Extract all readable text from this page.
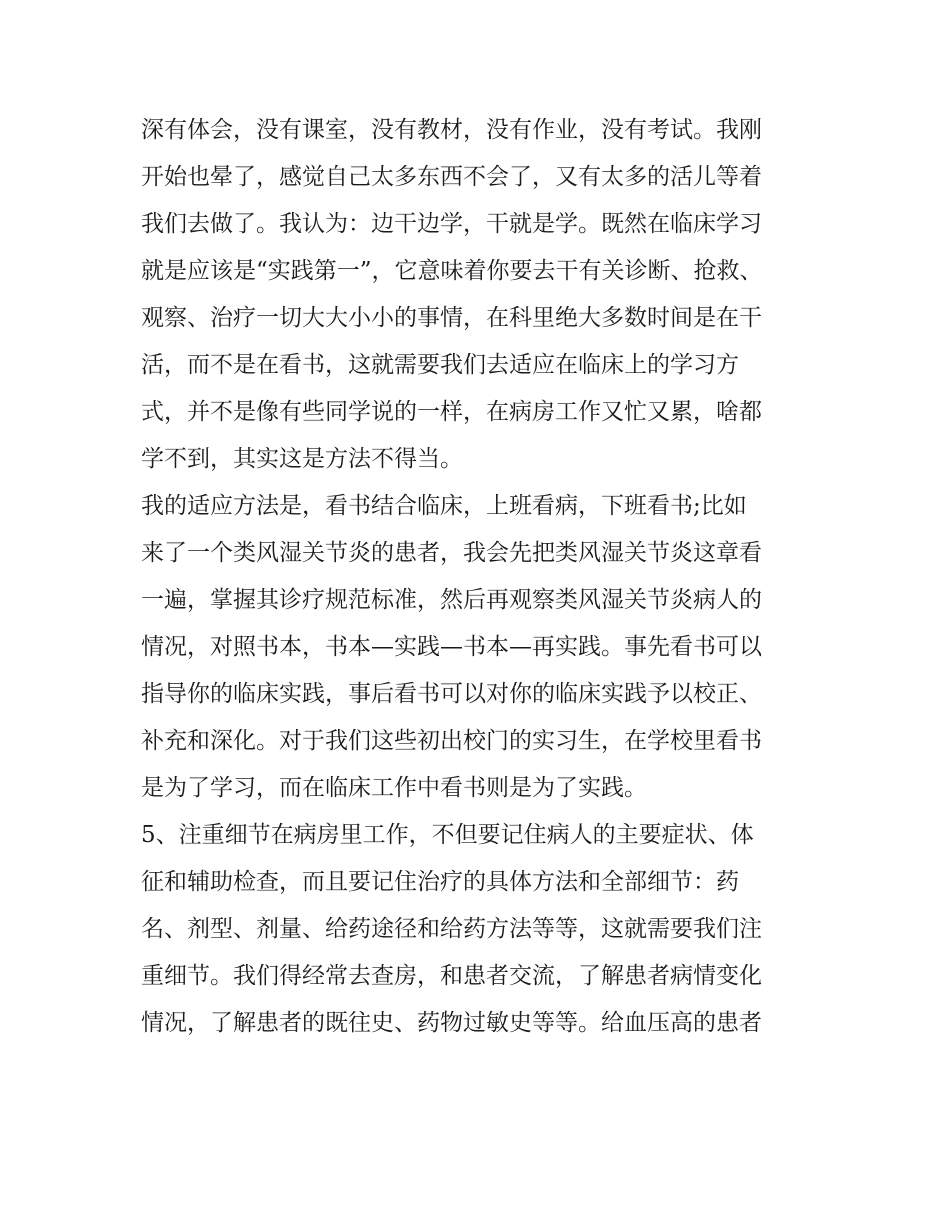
深有体会，没有课室，没有教材，没有作业，没有考试。我刚
开始也晕了，感觉自己太多东西不会了，又有太多的活儿等着
我们去做了。我认为：边干边学，干就是学。既然在临床学习
就是应该是“实践第一”，它意味着你要去干有关诊断、抢救、
观察、治疗一切大大小小的事情，在科里绝大多数时间是在干
活，而不是在看书，这就需要我们去适应在临床上的学习方
式，并不是像有些同学说的一样，在病房工作又忙又累，啥都
学不到，其实这是方法不得当。
我的适应方法是，看书结合临床，上班看病，下班看书;比如
来了一个类风湿关节炎的患者，我会先把类风湿关节炎这章看
一遍，掌握其诊疗规范标准，然后再观察类风湿关节炎病人的
情况，对照书本，书本—实践—书本—再实践。事先看书可以
指导你的临床实践，事后看书可以对你的临床实践予以校正、
补充和深化。对于我们这些初出校门的实习生，在学校里看书
是为了学习，而在临床工作中看书则是为了实践。
5、注重细节在病房里工作，不但要记住病人的主要症状、体
征和辅助检查，而且要记住治疗的具体方法和全部细节：药
名、剂型、剂量、给药途径和给药方法等等，这就需要我们注
重细节。我们得经常去查房，和患者交流，了解患者病情变化
情况，了解患者的既往史、药物过敏史等等。给血压高的患者
